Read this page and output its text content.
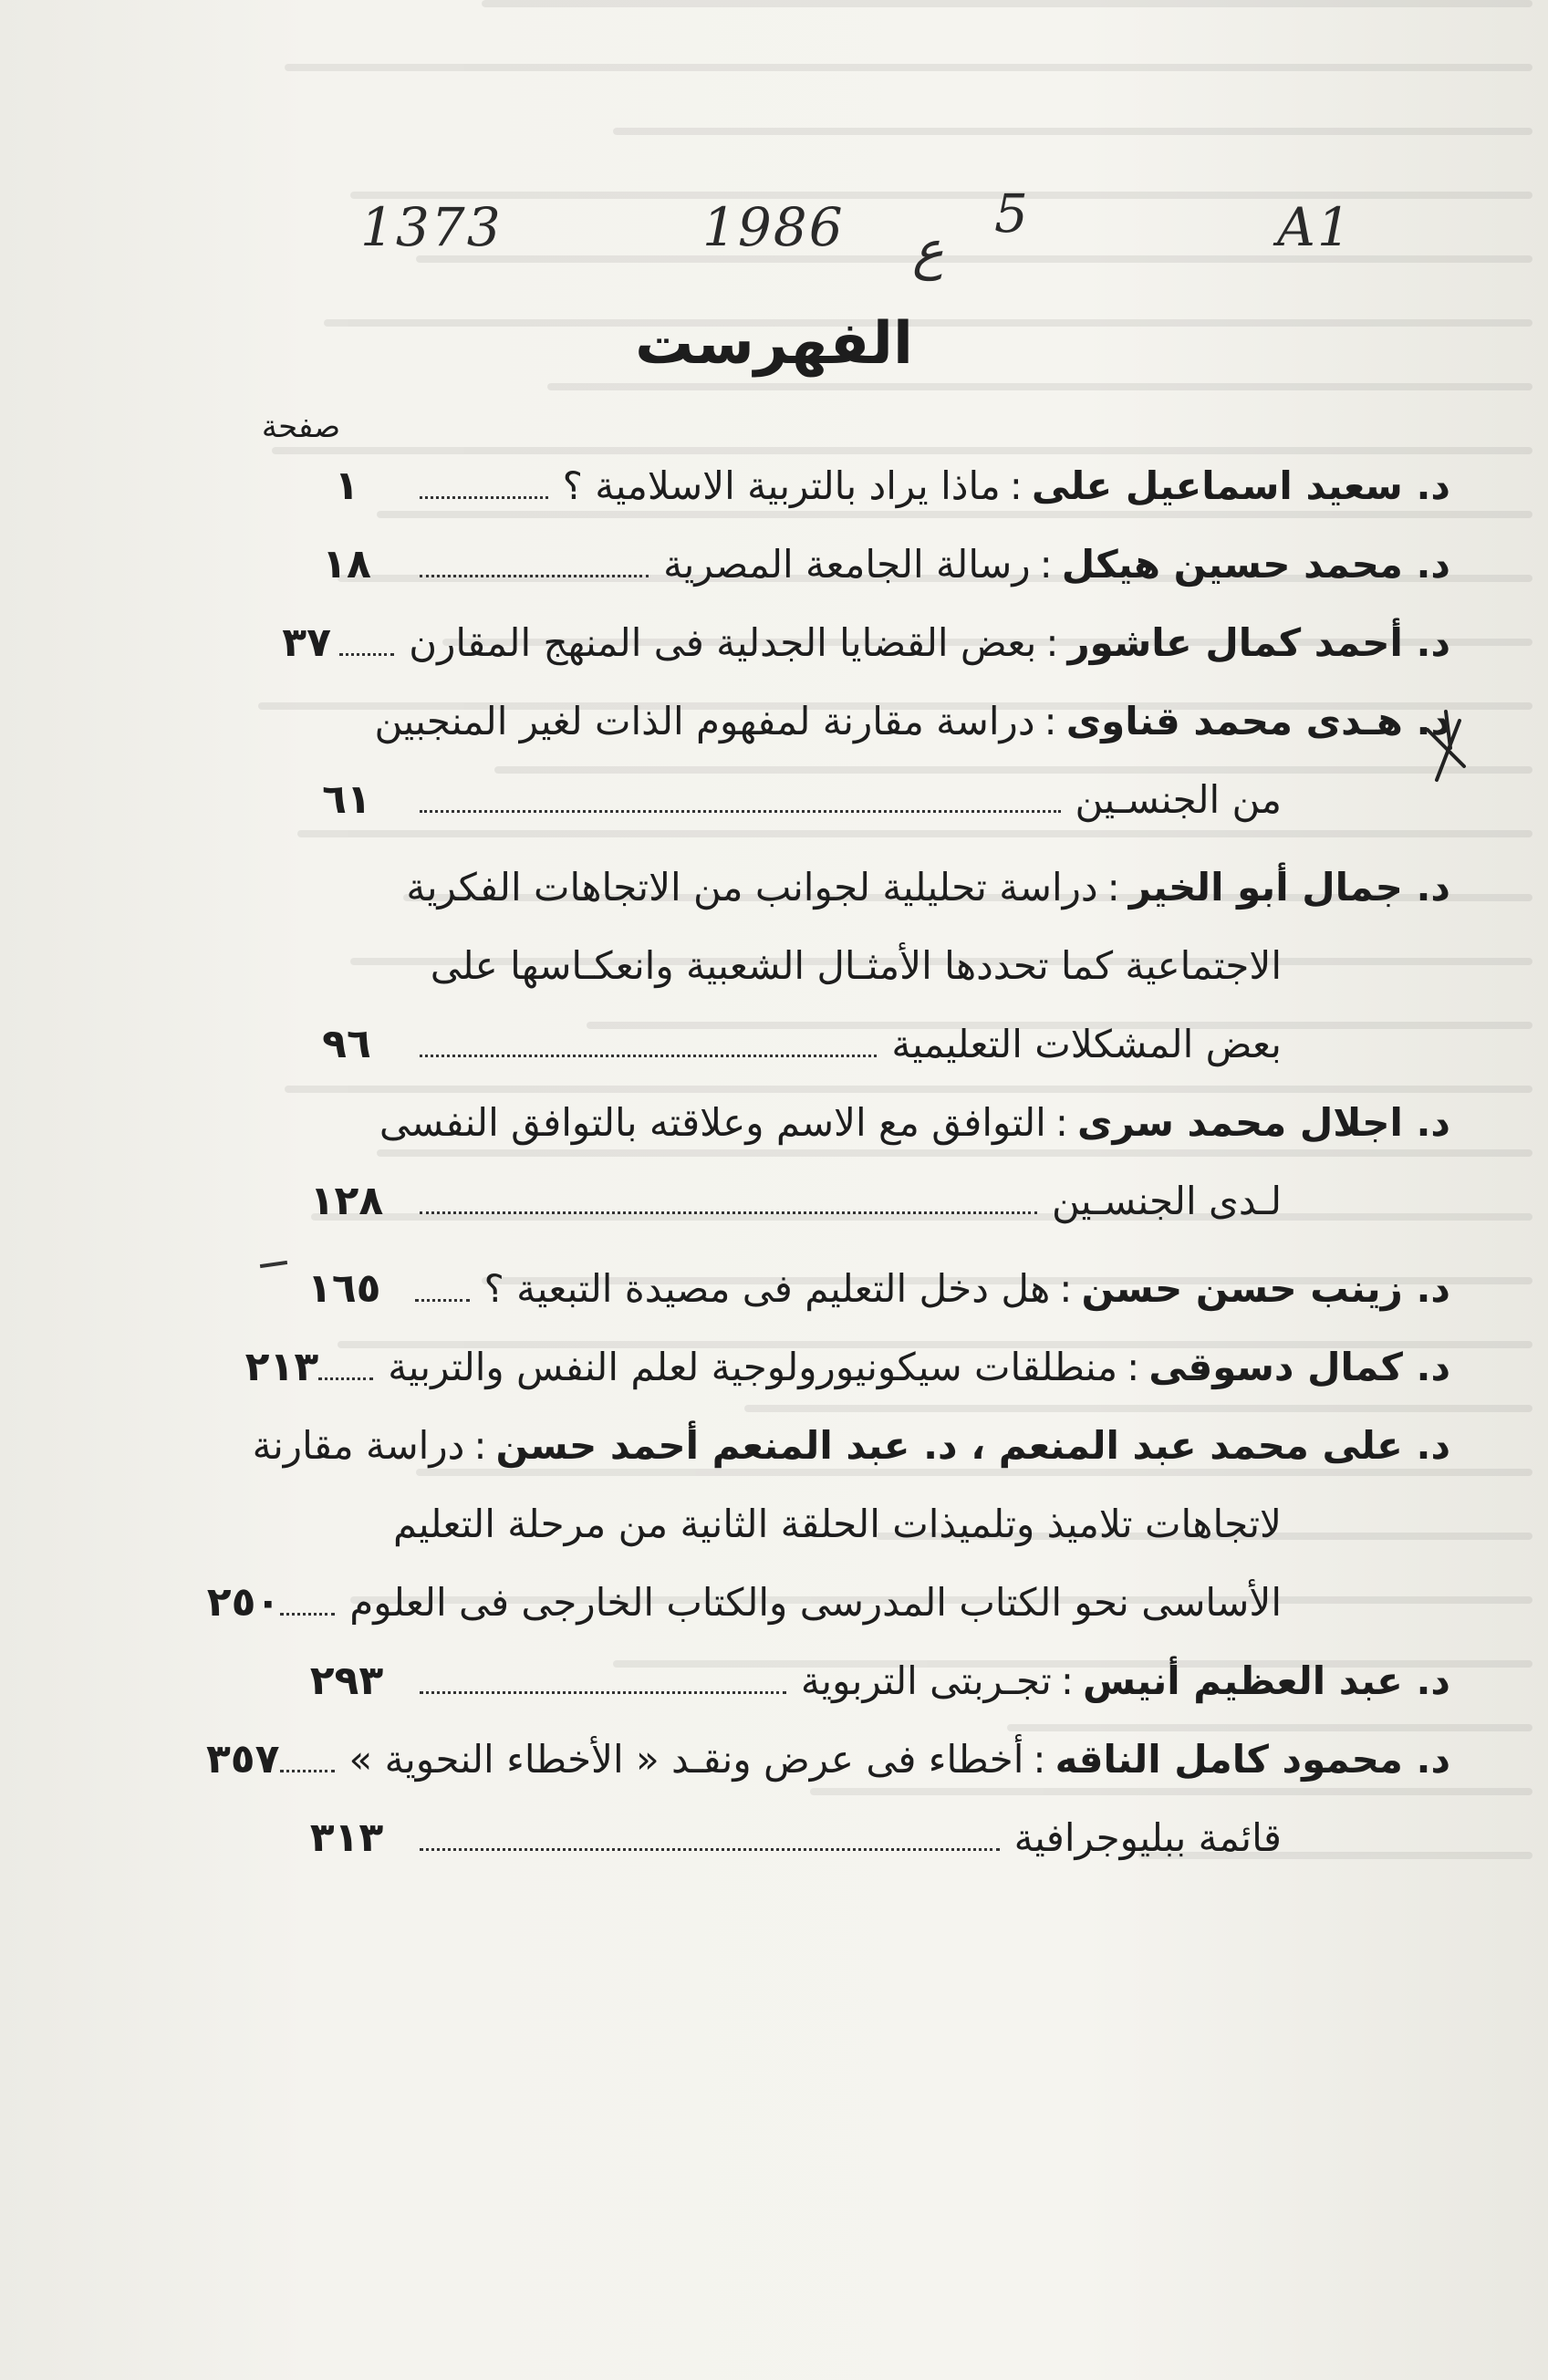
A1
5
ع
1986
1373
الفهرست
صفحة
د. سعيد اسماعيل على
:
ماذا يراد بالتربية الاسلامية ؟
١
د. محمد حسين هيكل
:
رسالة الجامعة المصرية
١٨
د. أحمد كمال عاشور
:
بعض القضايا الجدلية فى المنهج المقارن
٣٧
د. هـدى محمد قناوى
:
دراسة مقارنة لمفهوم الذات لغير المنجبين
من الجنسـين
٦١
د. جمال أبو الخير
:
دراسة تحليلية لجوانب من الاتجاهات الفكرية
الاجتماعية كما تحددها الأمثـال الشعبية وانعكـاسها على
بعض المشكلات التعليمية
٩٦
د. اجلال محمد سرى
:
التوافق مع الاسم وعلاقته بالتوافق النفسى
لـدى الجنسـين
١٢٨
د. زينب حسن حسن
:
هل دخل التعليم فى مصيدة التبعية ؟
١٦٥
د. كمال دسوقى
:
منطلقات سيكونيورولوجية لعلم النفس والتربية
٢١٣
د. على محمد عبد المنعم ، د. عبد المنعم أحمد حسن
:
دراسة مقارنة
لاتجاهات تلاميذ وتلميذات الحلقة الثانية من مرحلة التعليم
الأساسى نحو الكتاب المدرسى والكتاب الخارجى فى العلوم
٢٥٠
د. عبد العظيم أنيس
:
تجـربتى التربوية
٢٩٣
د. محمود كامل الناقه
:
أخطاء فى عرض ونقـد « الأخطاء النحوية »
٣٥٧
قائمة ببليوجرافية
٣١٣
